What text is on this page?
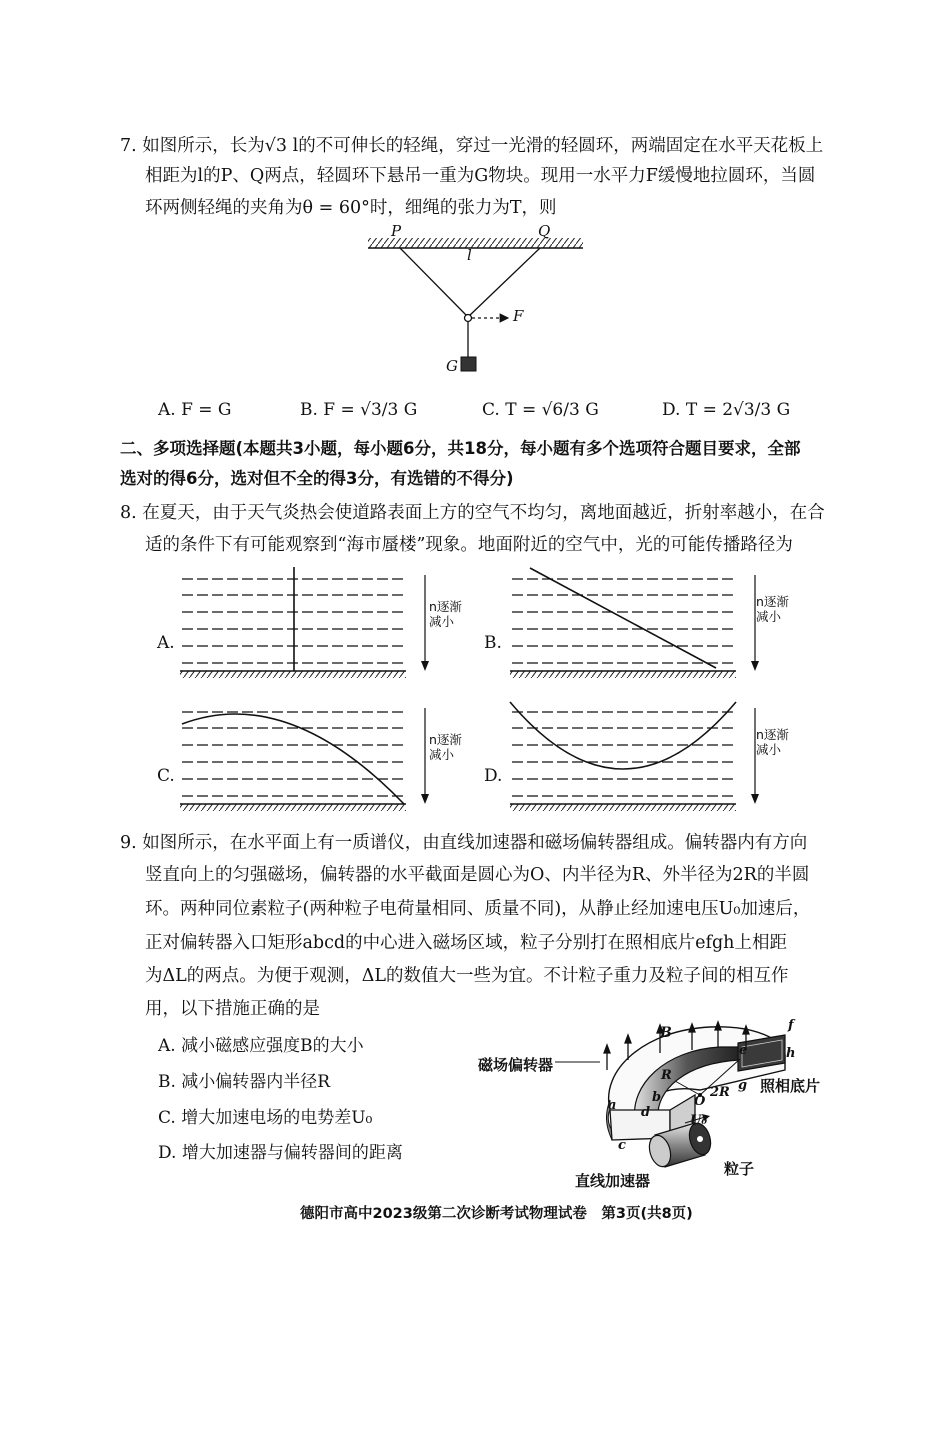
7. 如图所示，长为√3 l的不可伸长的轻绳，穿过一光滑的轻圆环，两端固定在水平天花板上
相距为l的P、Q两点，轻圆环下悬吊一重为G物块。现用一水平力F缓慢地拉圆环，当圆
环两侧轻绳的夹角为θ = 60°时，细绳的张力为T，则
P	Q
l
F
G
A. F = G	B. F = √3/3 G	C. T = √6/3 G	D. T = 2√3/3 G
二、多项选择题(本题共3小题，每小题6分，共18分，每小题有多个选项符合题目要求，全部
选对的得6分，选对但不全的得3分，有选错的不得分)
8. 在夏天，由于天气炎热会使道路表面上方的空气不均匀，离地面越近，折射率越小，在合
适的条件下有可能观察到“海市蜃楼”现象。地面附近的空气中，光的可能传播路径为
A.
n逐渐
减小
B.
n逐渐
减小
C.
n逐渐
减小
D.
n逐渐
减小
9. 如图所示，在水平面上有一质谱仪，由直线加速器和磁场偏转器组成。偏转器内有方向
竖直向上的匀强磁场，偏转器的水平截面是圆心为O、内半径为R、外半径为2R的半圆
环。两种同位素粒子(两种粒子电荷量相同、质量不同)，从静止经加速电压U₀加速后，
正对偏转器入口矩形abcd的中心进入磁场区域，粒子分别打在照相底片efgh上相距
为ΔL的两点。为便于观测，ΔL的数值大一些为宜。不计粒子重力及粒子间的相互作
用，以下措施正确的是
A. 减小磁感应强度B的大小
B. 减小偏转器内半径R
C. 增大加速电场的电势差U₀
D. 增大加速器与偏转器间的距离
磁场偏转器
照相底片
直线加速器
粒子
B
R
2R
O
U₀
a
b
c
d
e
f
g
h
德阳市高中2023级第二次诊断考试物理试卷　第3页(共8页)
